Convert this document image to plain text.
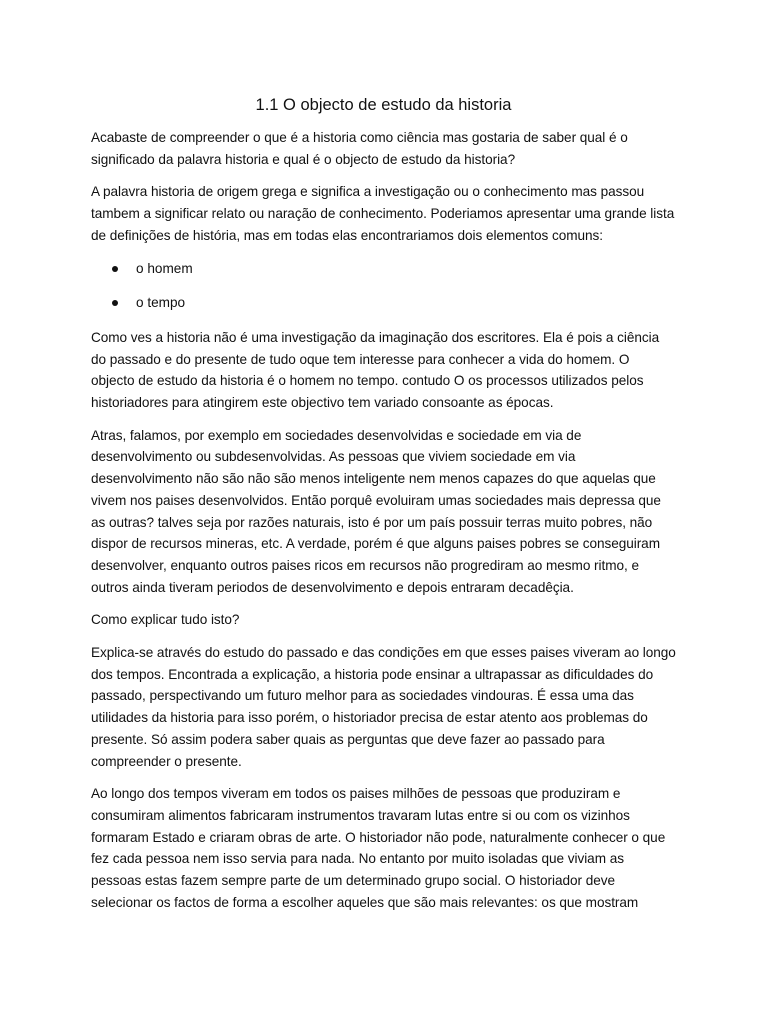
1.1 O objecto de estudo da historia

Acabaste de compreender o que é a historia como ciência mas gostaria de saber qual é o significado da palavra historia e qual é o objecto de estudo da historia?

A palavra historia de origem grega e significa a investigação ou o conhecimento mas passou tambem a significar relato ou naração de conhecimento. Poderiamos apresentar uma grande lista de definições de história, mas em todas elas encontrariamos dois elementos comuns:

o homem
o tempo

Como ves a historia não é uma investigação da imaginação dos escritores. Ela é pois a ciência do passado e do presente de tudo oque tem interesse para conhecer a vida do homem. O objecto de estudo da historia é o homem no tempo. contudo O os processos utilizados pelos historiadores para atingirem este objectivo tem variado consoante as épocas.

Atras, falamos, por exemplo em sociedades desenvolvidas e sociedade em via de desenvolvimento ou subdesenvolvidas. As pessoas que viviem sociedade em via desenvolvimento não são não são menos inteligente nem menos capazes do que aquelas que vivem nos paises desenvolvidos. Então porquê evoluiram umas sociedades mais depressa que as outras? talves seja por razões naturais, isto é por um país possuir terras muito pobres, não dispor de recursos mineras, etc. A verdade, porém é que alguns paises pobres se conseguiram desenvolver, enquanto outros paises ricos em recursos não progrediram ao mesmo ritmo, e outros ainda tiveram periodos de desenvolvimento e depois entraram decadêçia.

Como explicar tudo isto?

Explica-se através do estudo do passado e das condições em que esses paises viveram ao longo dos tempos. Encontrada a explicação, a historia pode ensinar a ultrapassar as dificuldades do passado, perspectivando um futuro melhor para as sociedades vindouras. É essa uma das utilidades da historia para isso porém, o historiador precisa de estar atento aos problemas do presente. Só assim podera saber quais as perguntas que deve fazer ao passado para compreender o presente.

Ao longo dos tempos viveram em todos os paises milhões de pessoas que produziram e consumiram alimentos fabricaram instrumentos travaram lutas entre si ou com os vizinhos formaram Estado e criaram obras de arte. O historiador não pode, naturalmente conhecer o que fez cada pessoa nem isso servia para nada. No entanto por muito isoladas que viviam as pessoas estas fazem sempre parte de um determinado grupo social. O historiador deve selecionar os factos de forma a escolher aqueles que são mais relevantes: os que mostram
